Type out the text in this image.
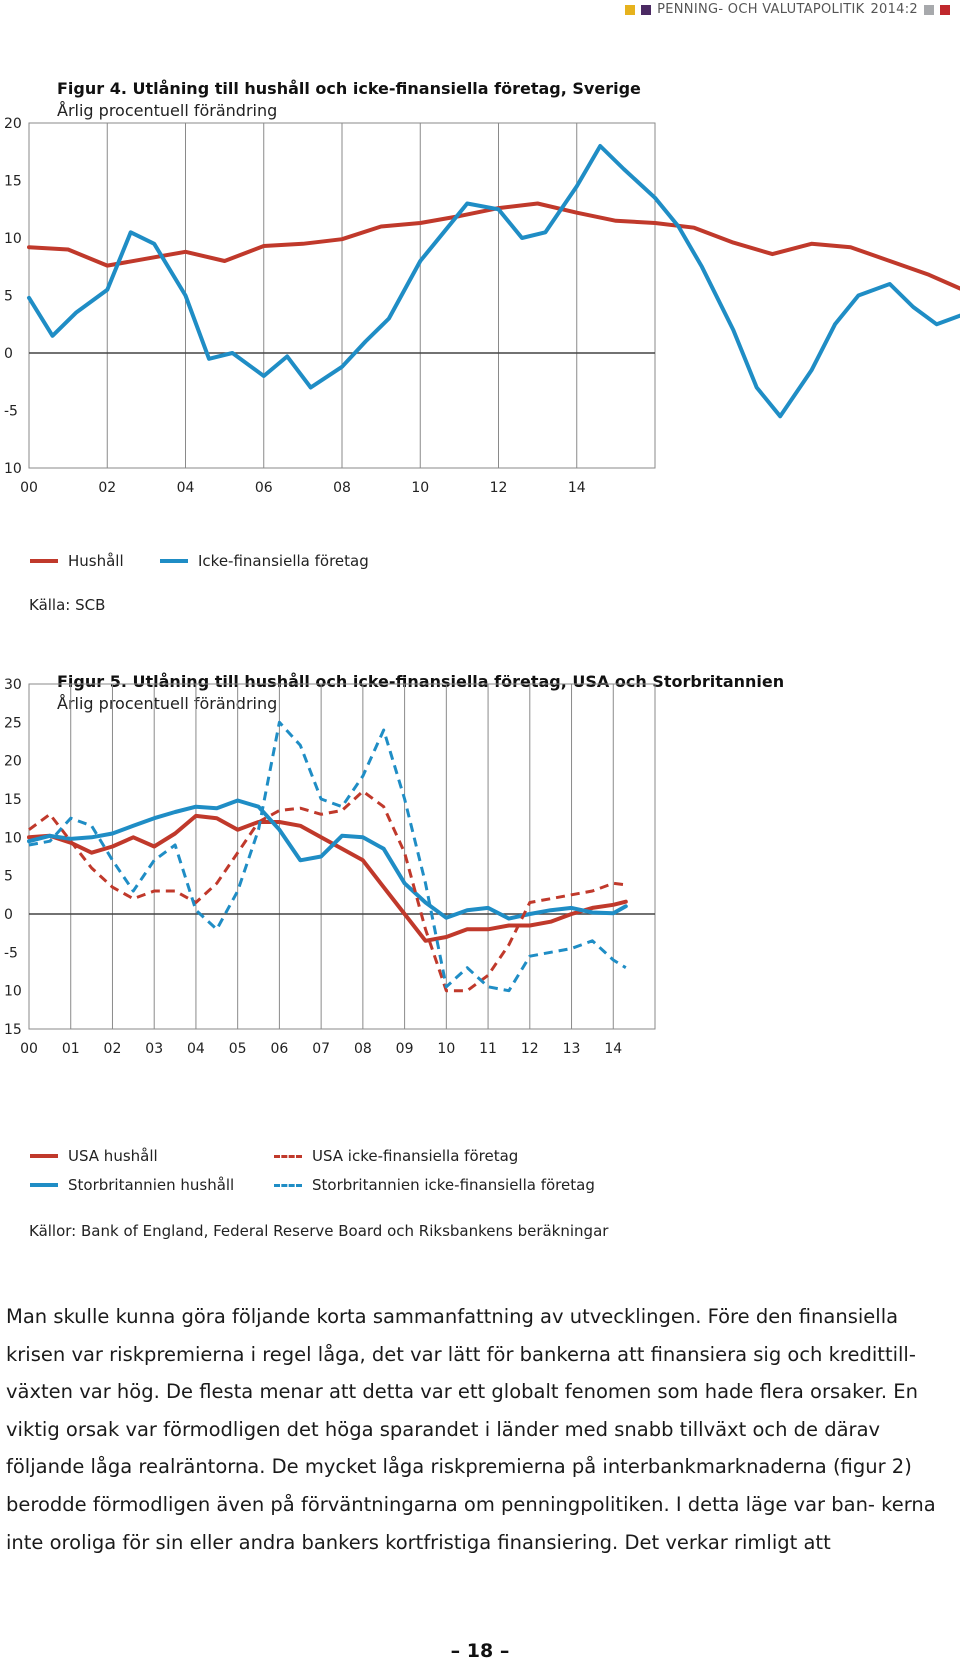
PENNING- OCH VALUTAPOLITIK 2014:2
Figur 4. Utlåning till hushåll och icke-finansiella företag, Sverige
Årlig procentuell förändring
20
15
10
5
0
-5
10
00	02	04	06	08	10	12	14
Hushåll	Icke-finansiella företag
Källa: SCB
Figur 5. Utlåning till hushåll och icke-finansiella företag, USA och Storbritannien
Årlig procentuell förändring
30
25
20
15
10
5
0
-5
10
15
00 01 02 03 04 05 06 07 08 09 10 11 12 13 14
USA hushåll
Storbritannien hushåll
USA icke-finansiella företag
Storbritannien icke-finansiella företag
Källor: Bank of England, Federal Reserve Board och Riksbankens beräkningar

Man skulle kunna göra följande korta sammanfattning av utvecklingen. Före den finansiella krisen var riskpremierna i regel låga, det var lätt för bankerna att finansiera sig och kredittill- växten var hög. De flesta menar att detta var ett globalt fenomen som hade flera orsaker. En viktig orsak var förmodligen det höga sparandet i länder med snabb tillväxt och de därav följande låga realräntorna. De mycket låga riskpremierna på interbankmarknaderna (figur 2) berodde förmodligen även på förväntningarna om penningpolitiken. I detta läge var ban- kerna inte oroliga för sin eller andra bankers kortfristiga finansiering. Det verkar rimligt att

– 18 –
